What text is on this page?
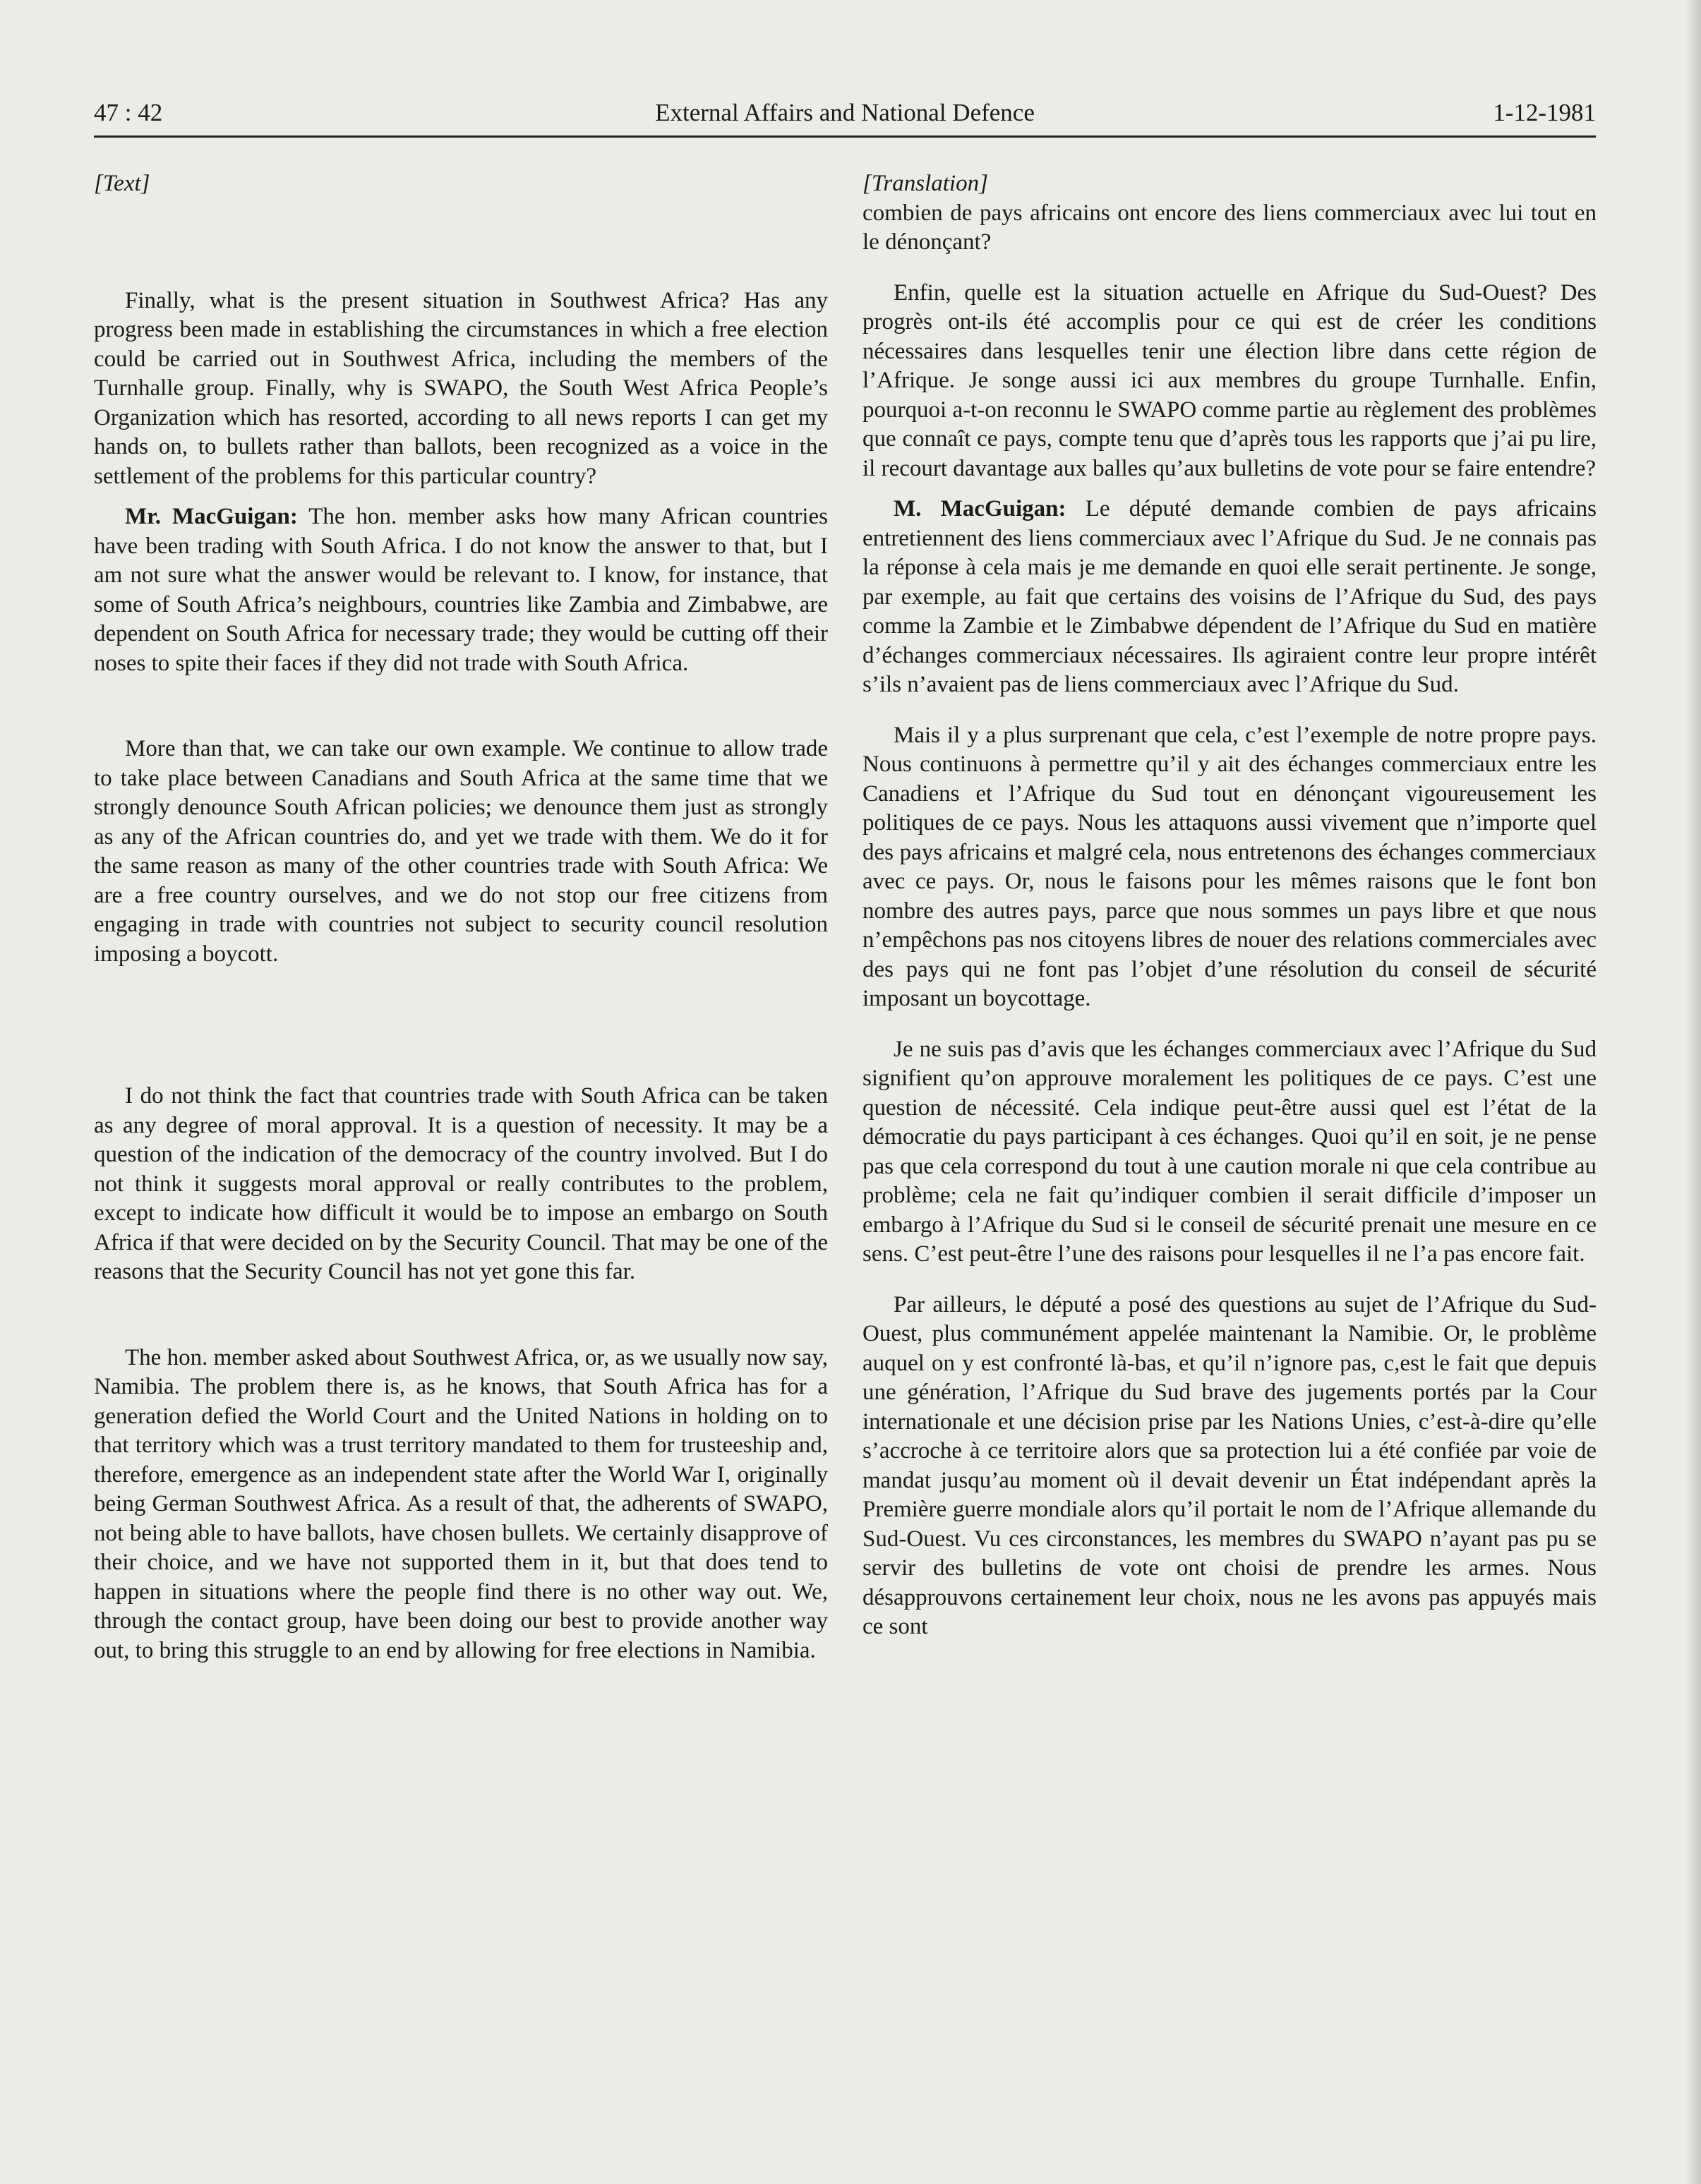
47 : 42	External Affairs and National Defence	1-12-1981

[Text]

Finally, what is the present situation in Southwest Africa? Has any progress been made in establishing the circumstances in which a free election could be carried out in Southwest Africa, including the members of the Turnhalle group. Finally, why is SWAPO, the South West Africa People’s Organization which has resorted, according to all news reports I can get my hands on, to bullets rather than ballots, been recognized as a voice in the settlement of the problems for this particular country?

Mr. MacGuigan: The hon. member asks how many African countries have been trading with South Africa. I do not know the answer to that, but I am not sure what the answer would be relevant to. I know, for instance, that some of South Africa’s neighbours, countries like Zambia and Zimbabwe, are dependent on South Africa for necessary trade; they would be cutting off their noses to spite their faces if they did not trade with South Africa.

More than that, we can take our own example. We continue to allow trade to take place between Canadians and South Africa at the same time that we strongly denounce South African policies; we denounce them just as strongly as any of the African countries do, and yet we trade with them. We do it for the same reason as many of the other countries trade with South Africa: We are a free country ourselves, and we do not stop our free citizens from engaging in trade with countries not subject to security council resolution imposing a boycott.

I do not think the fact that countries trade with South Africa can be taken as any degree of moral approval. It is a question of necessity. It may be a question of the indication of the democracy of the country involved. But I do not think it suggests moral approval or really contributes to the problem, except to indicate how difficult it would be to impose an embargo on South Africa if that were decided on by the Security Council. That may be one of the reasons that the Security Council has not yet gone this far.

The hon. member asked about Southwest Africa, or, as we usually now say, Namibia. The problem there is, as he knows, that South Africa has for a generation defied the World Court and the United Nations in holding on to that territory which was a trust territory mandated to them for trusteeship and, therefore, emergence as an independent state after the World War I, originally being German Southwest Africa. As a result of that, the adherents of SWAPO, not being able to have ballots, have chosen bullets. We certainly disapprove of their choice, and we have not supported them in it, but that does tend to happen in situations where the people find there is no other way out. We, through the contact group, have been doing our best to provide another way out, to bring this struggle to an end by allowing for free elections in Namibia.

[Translation]

combien de pays africains ont encore des liens commerciaux avec lui tout en le dénonçant?

Enfin, quelle est la situation actuelle en Afrique du Sud-Ouest? Des progrès ont-ils été accomplis pour ce qui est de créer les conditions nécessaires dans lesquelles tenir une élection libre dans cette région de l’Afrique. Je songe aussi ici aux membres du groupe Turnhalle. Enfin, pourquoi a-t-on reconnu le SWAPO comme partie au règlement des problèmes que connaît ce pays, compte tenu que d’après tous les rapports que j’ai pu lire, il recourt davantage aux balles qu’aux bulletins de vote pour se faire entendre?

M. MacGuigan: Le député demande combien de pays africains entretiennent des liens commerciaux avec l’Afrique du Sud. Je ne connais pas la réponse à cela mais je me demande en quoi elle serait pertinente. Je songe, par exemple, au fait que certains des voisins de l’Afrique du Sud, des pays comme la Zambie et le Zimbabwe dépendent de l’Afrique du Sud en matière d’échanges commerciaux nécessaires. Ils agiraient contre leur propre intérêt s’ils n’avaient pas de liens commerciaux avec l’Afrique du Sud.

Mais il y a plus surprenant que cela, c’est l’exemple de notre propre pays. Nous continuons à permettre qu’il y ait des échanges commerciaux entre les Canadiens et l’Afrique du Sud tout en dénonçant vigoureusement les politiques de ce pays. Nous les attaquons aussi vivement que n’importe quel des pays africains et malgré cela, nous entretenons des échanges commerciaux avec ce pays. Or, nous le faisons pour les mêmes raisons que le font bon nombre des autres pays, parce que nous sommes un pays libre et que nous n’empêchons pas nos citoyens libres de nouer des relations commerciales avec des pays qui ne font pas l’objet d’une résolution du conseil de sécurité imposant un boycottage.

Je ne suis pas d’avis que les échanges commerciaux avec l’Afrique du Sud signifient qu’on approuve moralement les politiques de ce pays. C’est une question de nécessité. Cela indique peut-être aussi quel est l’état de la démocratie du pays participant à ces échanges. Quoi qu’il en soit, je ne pense pas que cela correspond du tout à une caution morale ni que cela contribue au problème; cela ne fait qu’indiquer combien il serait difficile d’imposer un embargo à l’Afrique du Sud si le conseil de sécurité prenait une mesure en ce sens. C’est peut-être l’une des raisons pour lesquelles il ne l’a pas encore fait.

Par ailleurs, le député a posé des questions au sujet de l’Afrique du Sud-Ouest, plus communément appelée maintenant la Namibie. Or, le problème auquel on y est confronté là-bas, et qu’il n’ignore pas, c,est le fait que depuis une génération, l’Afrique du Sud brave des jugements portés par la Cour internationale et une décision prise par les Nations Unies, c’est-à-dire qu’elle s’accroche à ce territoire alors que sa protection lui a été confiée par voie de mandat jusqu’au moment où il devait devenir un État indépendant après la Première guerre mondiale alors qu’il portait le nom de l’Afrique allemande du Sud-Ouest. Vu ces circonstances, les membres du SWAPO n’ayant pas pu se servir des bulletins de vote ont choisi de prendre les armes. Nous désapprouvons certainement leur choix, nous ne les avons pas appuyés mais ce sont
